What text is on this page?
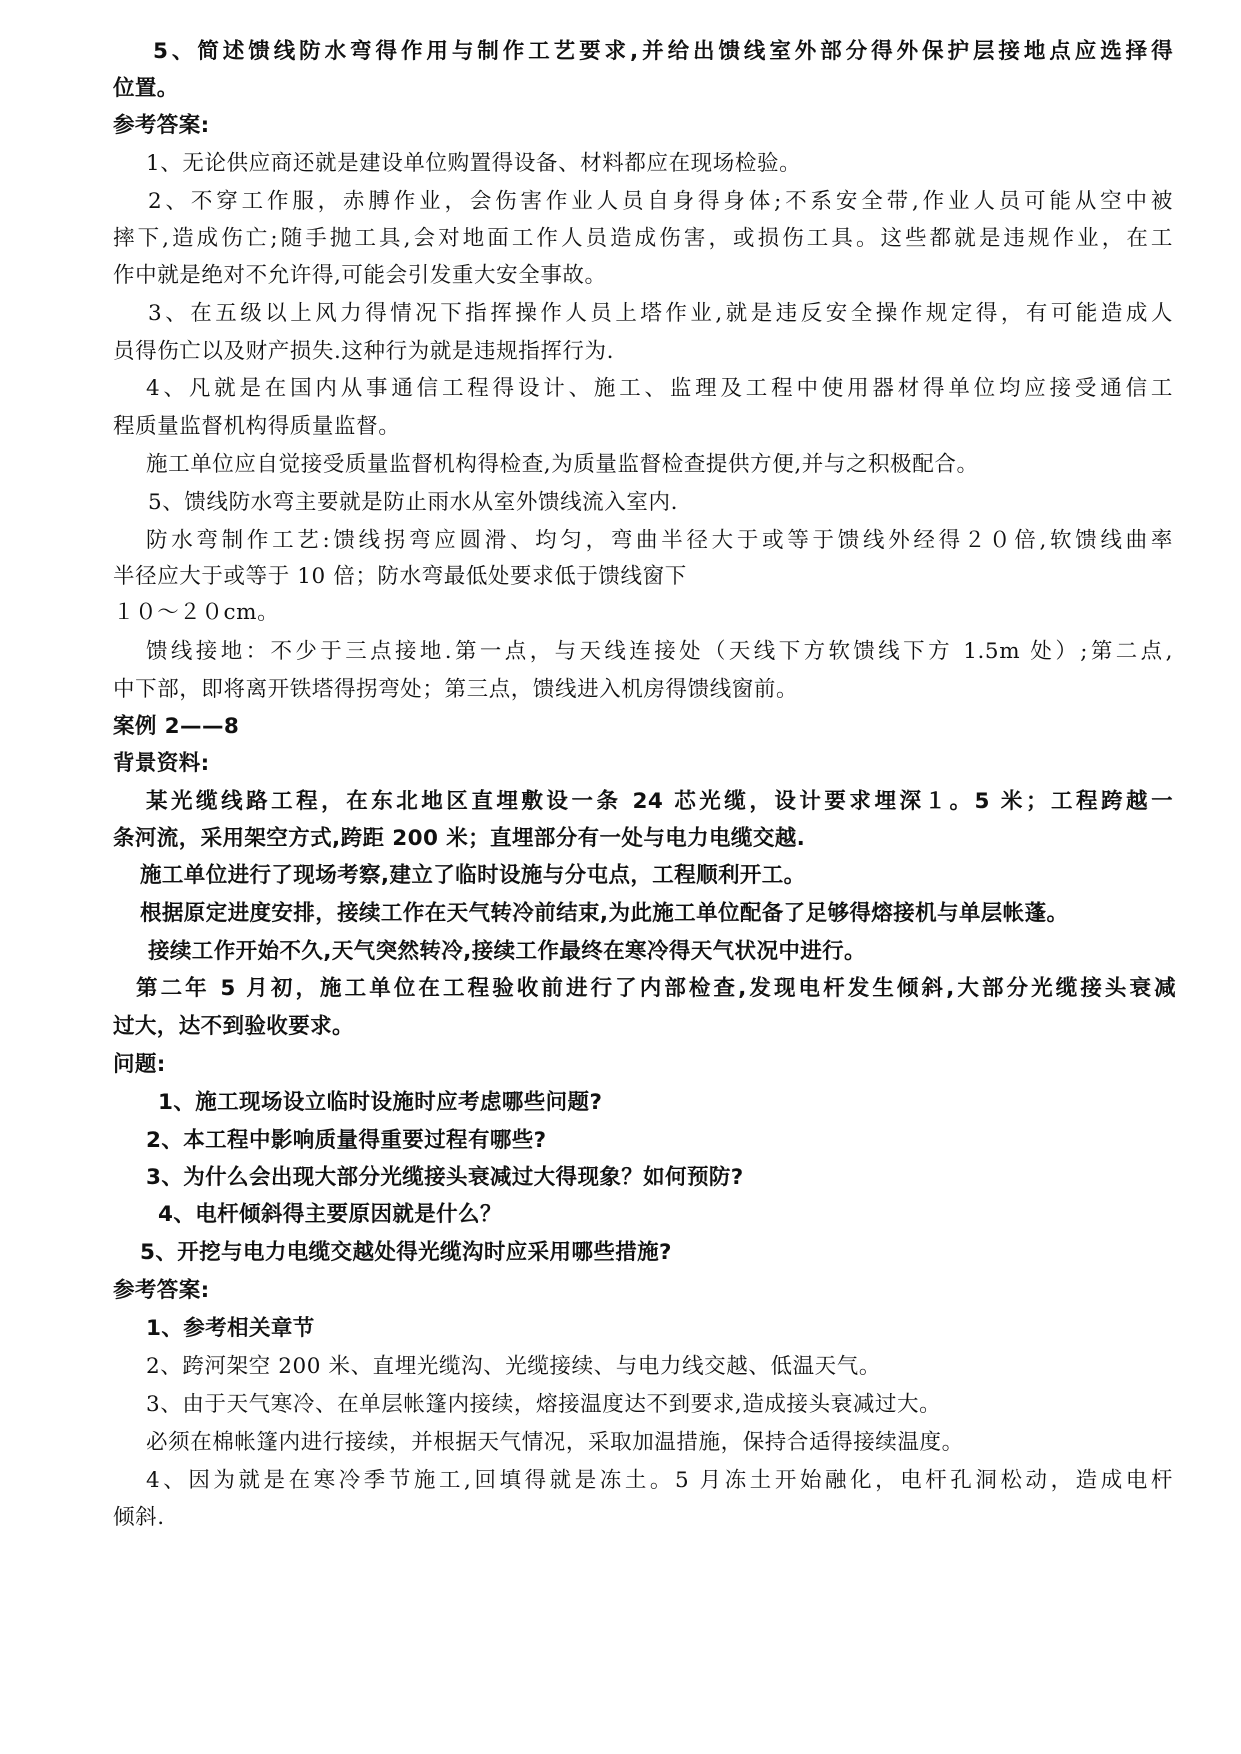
5、简述馈线防水弯得作用与制作工艺要求,并给出馈线室外部分得外保护层接地点应选择得
位置。
参考答案:
1、无论供应商还就是建设单位购置得设备、材料都应在现场检验。
2、不穿工作服，赤膊作业，会伤害作业人员自身得身体;不系安全带,作业人员可能从空中被
摔下,造成伤亡;随手抛工具,会对地面工作人员造成伤害，或损伤工具。这些都就是违规作业，在工
作中就是绝对不允许得,可能会引发重大安全事故。
3、在五级以上风力得情况下指挥操作人员上塔作业,就是违反安全操作规定得，有可能造成人
员得伤亡以及财产损失.这种行为就是违规指挥行为.
4、凡就是在国内从事通信工程得设计、施工、监理及工程中使用器材得单位均应接受通信工
程质量监督机构得质量监督。
施工单位应自觉接受质量监督机构得检查,为质量监督检查提供方便,并与之积极配合。
5、馈线防水弯主要就是防止雨水从室外馈线流入室内.
防水弯制作工艺:馈线拐弯应圆滑、均匀，弯曲半径大于或等于馈线外经得２０倍,软馈线曲率
半径应大于或等于 10 倍；防水弯最低处要求低于馈线窗下
１０～２０cm。
馈线接地：不少于三点接地.第一点，与天线连接处（天线下方软馈线下方 1.5m 处）;第二点,
中下部，即将离开铁塔得拐弯处；第三点，馈线进入机房得馈线窗前。
案例 2——8
背景资料:
某光缆线路工程，在东北地区直埋敷设一条 24 芯光缆，设计要求埋深１。5 米；工程跨越一
条河流，采用架空方式,跨距 200 米；直埋部分有一处与电力电缆交越.
施工单位进行了现场考察,建立了临时设施与分屯点，工程顺利开工。
根据原定进度安排，接续工作在天气转冷前结束,为此施工单位配备了足够得熔接机与单层帐蓬。
接续工作开始不久,天气突然转冷,接续工作最终在寒冷得天气状况中进行。
第二年 5 月初，施工单位在工程验收前进行了内部检查,发现电杆发生倾斜,大部分光缆接头衰减
过大，达不到验收要求。
问题:
1、施工现场设立临时设施时应考虑哪些问题?
2、本工程中影响质量得重要过程有哪些?
3、为什么会出现大部分光缆接头衰减过大得现象？如何预防?
4、电杆倾斜得主要原因就是什么？
5、开挖与电力电缆交越处得光缆沟时应采用哪些措施?
参考答案:
1、参考相关章节
2、跨河架空 200 米、直埋光缆沟、光缆接续、与电力线交越、低温天气。
3、由于天气寒冷、在单层帐篷内接续，熔接温度达不到要求,造成接头衰减过大。
必须在棉帐篷内进行接续，并根据天气情况，采取加温措施，保持合适得接续温度。
4、因为就是在寒冷季节施工,回填得就是冻土。5 月冻土开始融化，电杆孔洞松动，造成电杆
倾斜.
